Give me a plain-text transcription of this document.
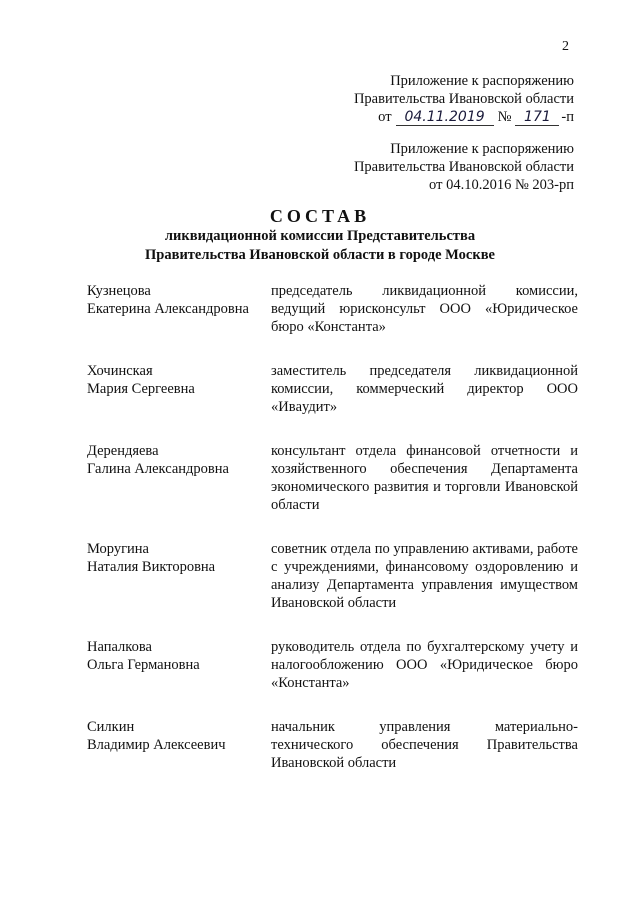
2
Приложение к распоряжению
Правительства Ивановской области
от 04.11.2019 № 171 -п
Приложение к распоряжению
Правительства Ивановской области
от 04.10.2016 № 203-рп
СОСТАВ
ликвидационной комиссии Представительства
Правительства Ивановской области в городе Москве
Кузнецова
Екатерина Александровна
председатель ликвидационной комиссии, ведущий юрисконсульт ООО «Юридическое бюро «Константа»
Хочинская
Мария Сергеевна
заместитель председателя ликвидационной комиссии, коммерческий директор ООО «Ивaудит»
Дерендяева
Галина Александровна
консультант отдела финансовой отчетности и хозяйственного обеспечения Департамента экономического развития и торговли Ивановской области
Моругина
Наталия Викторовна
советник отдела по управлению активами, работе с учреждениями, финансовому оздоровлению и анализу Департамента управления имуществом Ивановской области
Напалкова
Ольга Германовна
руководитель отдела по бухгалтерскому учету и налогообложению ООО «Юридическое бюро «Константа»
Силкин
Владимир Алексеевич
начальник управления материально-технического обеспечения Правительства Ивановской области
